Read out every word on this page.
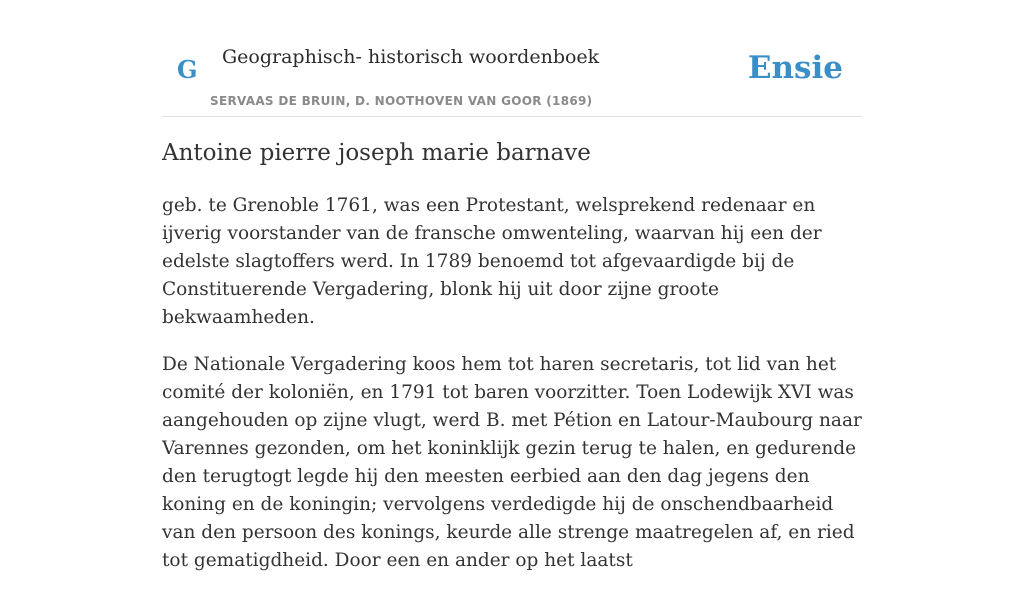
G Geographisch- historisch woordenboek
SERVAAS DE BRUIN, D. NOOTHOVEN VAN GOOR (1869)
Ensie
Antoine pierre joseph marie barnave

geb. te Grenoble 1761, was een Protestant, welsprekend redenaar en ijverig voorstander van de fransche omwenteling, waarvan hij een der edelste slagtoffers werd. In 1789 benoemd tot afgevaardigde bij de Constituerende Vergadering, blonk hij uit door zijne groote bekwaamheden.

De Nationale Vergadering koos hem tot haren secretaris, tot lid van het comité der koloniën, en 1791 tot baren voorzitter. Toen Lodewijk XVI was aangehouden op zijne vlugt, werd B. met Pétion en Latour-Maubourg naar Varennes gezonden, om het koninklijk gezin terug te halen, en gedurende den terugtogt legde hij den meesten eerbied aan den dag jegens den koning en de koningin; vervolgens verdedigde hij de onschendbaarheid van den persoon des konings, keurde alle strenge maatregelen af, en ried tot gematigdheid. Door een en ander op het laatst
